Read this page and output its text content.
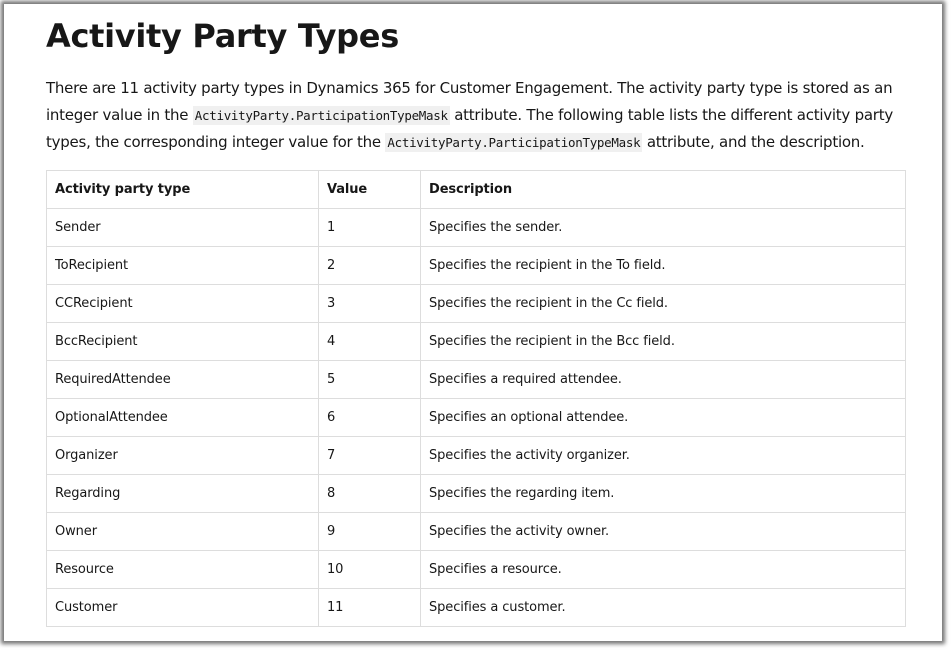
Activity Party Types

There are 11 activity party types in Dynamics 365 for Customer Engagement. The activity party type is stored as an integer value in the ActivityParty.ParticipationTypeMask attribute. The following table lists the different activity party types, the corresponding integer value for the ActivityParty.ParticipationTypeMask attribute, and the description.

Activity party type	Value	Description
Sender	1	Specifies the sender.
ToRecipient	2	Specifies the recipient in the To field.
CCRecipient	3	Specifies the recipient in the Cc field.
BccRecipient	4	Specifies the recipient in the Bcc field.
RequiredAttendee	5	Specifies a required attendee.
OptionalAttendee	6	Specifies an optional attendee.
Organizer	7	Specifies the activity organizer.
Regarding	8	Specifies the regarding item.
Owner	9	Specifies the activity owner.
Resource	10	Specifies a resource.
Customer	11	Specifies a customer.
